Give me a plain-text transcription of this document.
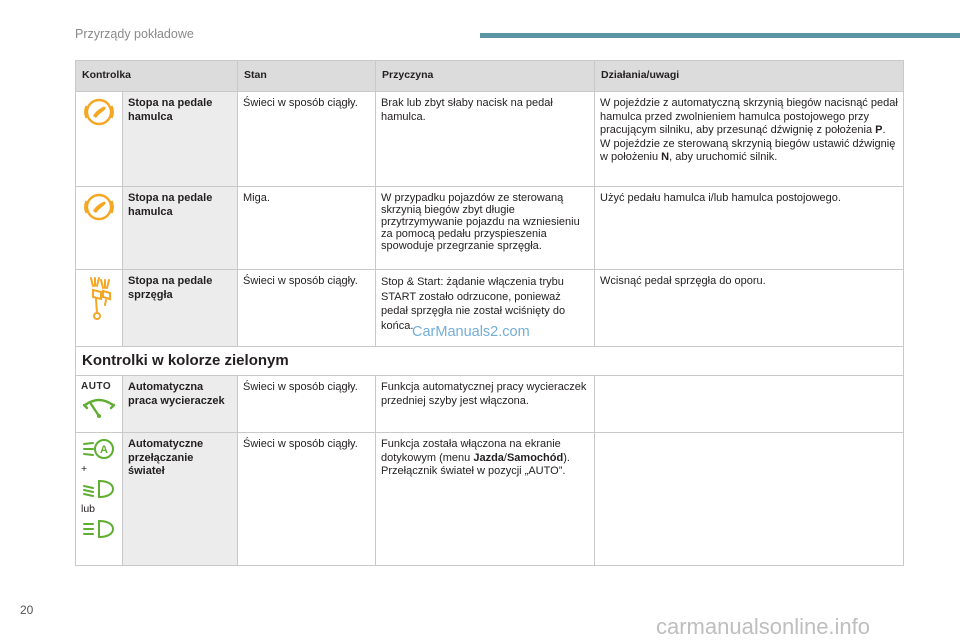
Przyrządy pokładowe
Kontrolka		Stan	Przyczyna	Działania/uwagi

	Stopa na pedale hamulca	Świeci w sposób ciągły.	Brak lub zbyt słaby nacisk na pedał hamulca.	W pojeździe z automatyczną skrzynią biegów nacisnąć pedał hamulca przed zwolnieniem hamulca postojowego przy pracującym silniku, aby przesunąć dźwignię z położenia P.
W pojeździe ze sterowaną skrzynią biegów ustawić dźwignię w położeniu N, aby uruchomić silnik.

	Stopa na pedale hamulca	Miga.	W przypadku pojazdów ze sterowaną skrzynią biegów zbyt długie przytrzymywanie pojazdu na wzniesieniu za pomocą pedału przyspieszenia spowoduje przegrzanie sprzęgła.	Użyć pedału hamulca i/lub hamulca postojowego.

	Stopa na pedale sprzęgła	Świeci w sposób ciągły.	Stop & Start: żądanie włączenia trybu START zostało odrzucone, ponieważ pedał sprzęgła nie został wciśnięty do końca.	Wcisnąć pedał sprzęgła do oporu.
Kontrolki w kolorze zielonym				

AUTO	Automatyczna praca wycieraczek	Świeci w sposób ciągły.	Funkcja automatycznej pracy wycieraczek przedniej szyby jest włączona.	

A
+
lub	Automatyczne przełączanie świateł	Świeci w sposób ciągły.	Funkcja została włączona na ekranie dotykowym (menu Jazda/Samochód).
Przełącznik świateł w pozycji „AUTO”.	
CarManuals2.com
20
carmanualsonline.info
